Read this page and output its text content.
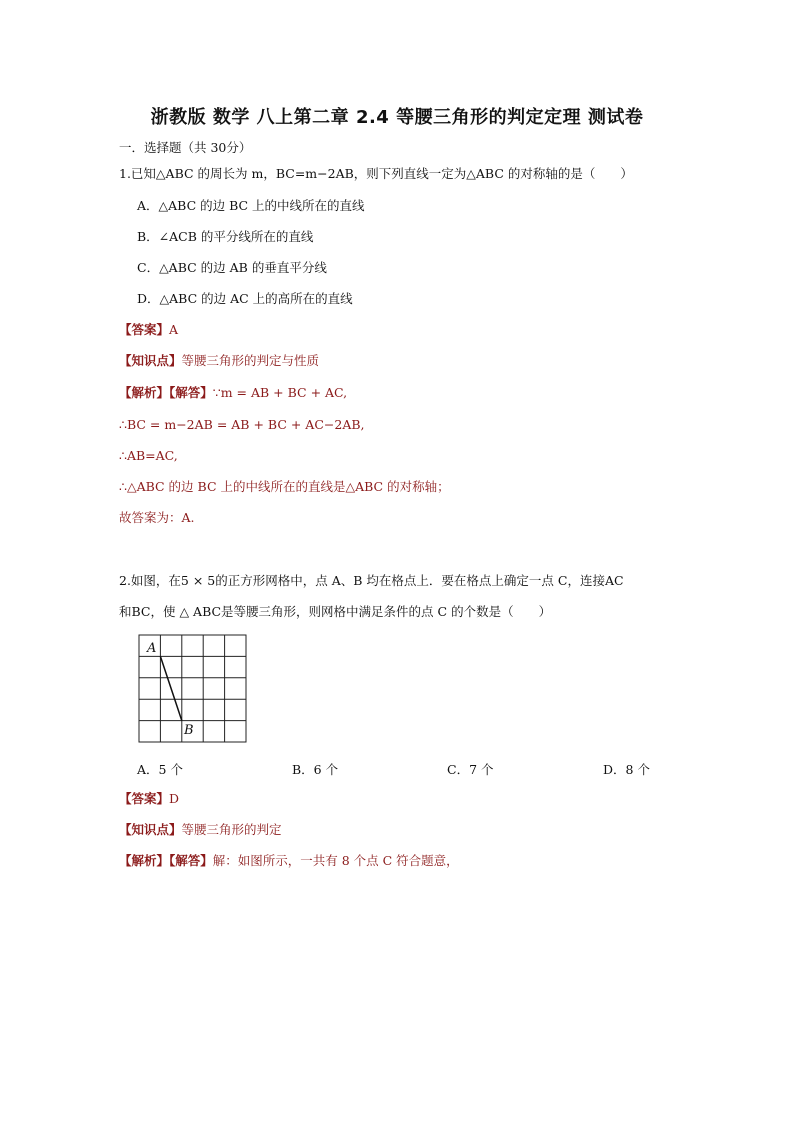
浙教版 数学 八上第二章 2.4 等腰三角形的判定定理 测试卷
一．选择题（共 30分）
1.已知△ABC 的周长为 m，BC=m−2AB，则下列直线一定为△ABC 的对称轴的是（　　）
A．△ABC 的边 BC 上的中线所在的直线
B．∠ACB 的平分线所在的直线
C．△ABC 的边 AB 的垂直平分线
D．△ABC 的边 AC 上的高所在的直线
【答案】A
【知识点】等腰三角形的判定与性质
【解析】【解答】∵m = AB + BC + AC,
∴BC = m−2AB = AB + BC + AC−2AB,
∴AB=AC,
∴△ABC 的边 BC 上的中线所在的直线是△ABC 的对称轴；
故答案为：A.
2.如图，在5 × 5的正方形网格中，点 A、B 均在格点上．要在格点上确定一点 C，连接AC
和BC，使 △ ABC是等腰三角形，则网格中满足条件的点 C 的个数是（　　）
A
B
A．5 个	B．6 个	C．7 个	D．8 个
【答案】D
【知识点】等腰三角形的判定
【解析】【解答】解：如图所示，一共有 8 个点 C 符合题意，
